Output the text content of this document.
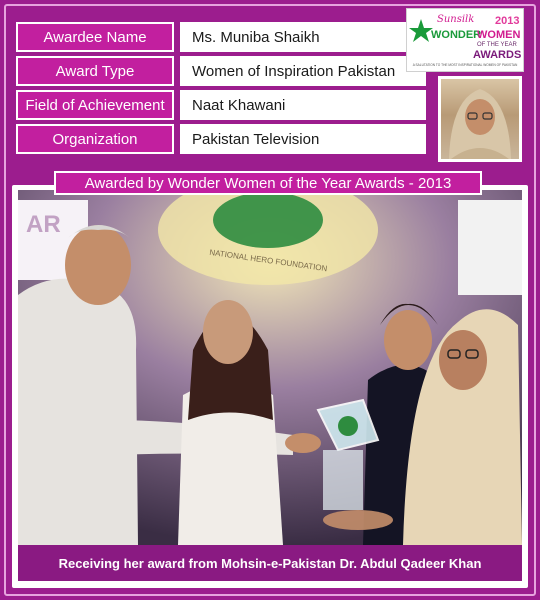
Awardee Name	Ms. Muniba Shaikh
Award Type	Women of Inspiration Pakistan
Field of Achievement	Naat Khawani
Organization	Pakistan Television
Sunsilk 2013
WONDER
WOMEN
OF THE YEAR
AWARDS
A SALUTATION TO THE MOST INSPIRATIONAL WOMEN OF PAKISTAN
AR
NATIONAL HERO FOUNDATION
Receiving her award from Mohsin-e-Pakistan Dr. Abdul Qadeer Khan
Awarded by Wonder Women of the Year Awards - 2013
